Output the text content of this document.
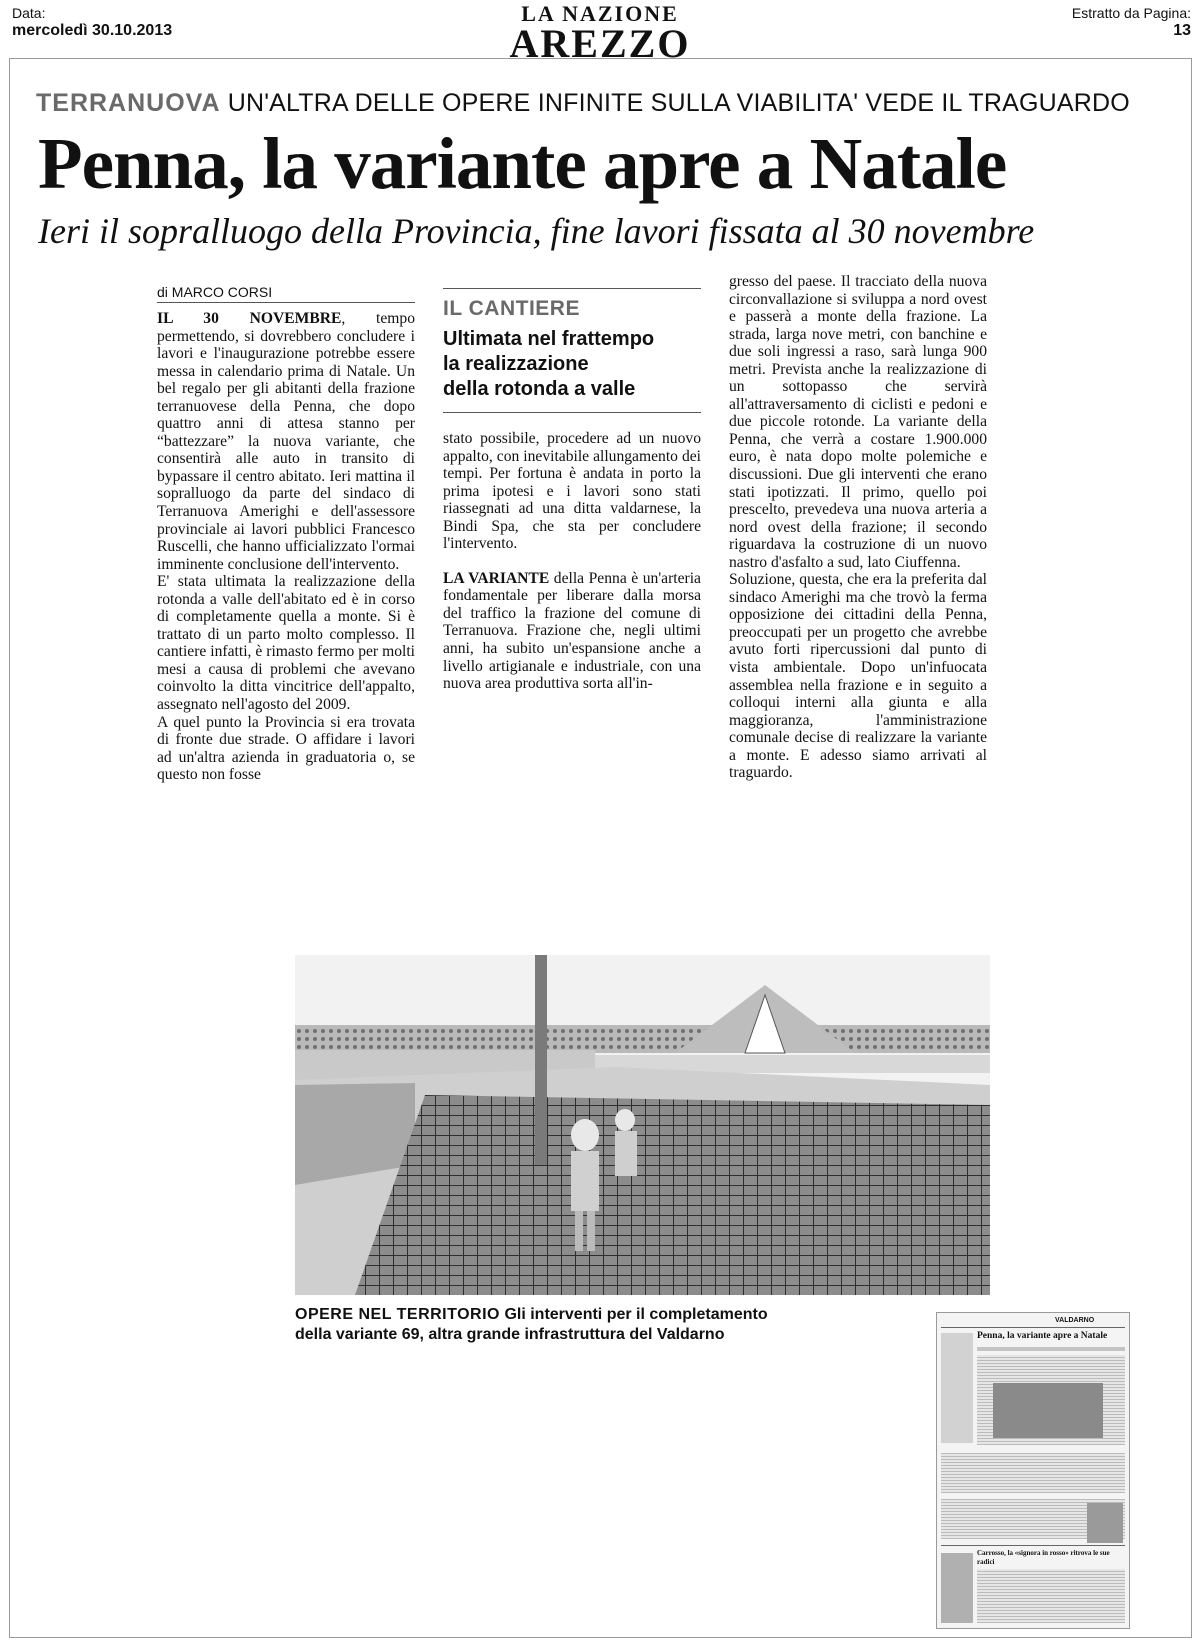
Data:
mercoledì 30.10.2013
LA NAZIONE
AREZZO
Estratto da Pagina:
13
TERRANUOVA UN'ALTRA DELLE OPERE INFINITE SULLA VIABILITA' VEDE IL TRAGUARDO
Penna, la variante apre a Natale
Ieri il sopralluogo della Provincia, fine lavori fissata al 30 novembre
di MARCO CORSI

IL 30 NOVEMBRE, tempo permettendo, si dovrebbero concludere i lavori e l'inaugurazione potrebbe essere messa in calendario prima di Natale. Un bel regalo per gli abitanti della frazione terranuovese della Penna, che dopo quattro anni di attesa stanno per “battezzare” la nuova variante, che consentirà alle auto in transito di bypassare il centro abitato. Ieri mattina il sopralluogo da parte del sindaco di Terranuova Amerighi e dell'assessore provinciale ai lavori pubblici Francesco Ruscelli, che hanno ufficializzato l'ormai imminente conclusione dell'intervento.

E' stata ultimata la realizzazione della rotonda a valle dell'abitato ed è in corso di completamente quella a monte. Si è trattato di un parto molto complesso. Il cantiere infatti, è rimasto fermo per molti mesi a causa di problemi che avevano coinvolto la ditta vincitrice dell'appalto, assegnato nell'agosto del 2009.

A quel punto la Provincia si era trovata di fronte due strade. O affidare i lavori ad un'altra azienda in graduatoria o, se questo non fosse

IL CANTIERE
Ultimata nel frattempo
la realizzazione
della rotonda a valle

stato possibile, procedere ad un nuovo appalto, con inevitabile allungamento dei tempi. Per fortuna è andata in porto la prima ipotesi e i lavori sono stati riassegnati ad una ditta valdarnese, la Bindi Spa, che sta per concludere l'intervento.

LA VARIANTE della Penna è un'arteria fondamentale per liberare dalla morsa del traffico la frazione del comune di Terranuova. Frazione che, negli ultimi anni, ha subito un'espansione anche a livello artigianale e industriale, con una nuova area produttiva sorta all'in-

gresso del paese. Il tracciato della nuova circonvallazione si sviluppa a nord ovest e passerà a monte della frazione. La strada, larga nove metri, con banchine e due soli ingressi a raso, sarà lunga 900 metri. Prevista anche la realizzazione di un sottopasso che servirà all'attraversamento di ciclisti e pedoni e due piccole rotonde. La variante della Penna, che verrà a costare 1.900.000 euro, è nata dopo molte polemiche e discussioni. Due gli interventi che erano stati ipotizzati. Il primo, quello poi prescelto, prevedeva una nuova arteria a nord ovest della frazione; il secondo riguardava la costruzione di un nuovo nastro d'asfalto a sud, lato Ciuffenna.

Soluzione, questa, che era la preferita dal sindaco Amerighi ma che trovò la ferma opposizione dei cittadini della Penna, preoccupati per un progetto che avrebbe avuto forti ripercussioni dal punto di vista ambientale. Dopo un'infuocata assemblea nella frazione e in seguito a colloqui interni alla giunta e alla maggioranza, l'amministrazione comunale decise di realizzare la variante a monte. E adesso siamo arrivati al traguardo.

OPERE NEL TERRITORIO Gli interventi per il completamento
della variante 69, altra grande infrastruttura del Valdarno
VALDARNO
Penna, la variante apre a Natale
Carrosso, la «signora in rosso» ritrova le sue radici
